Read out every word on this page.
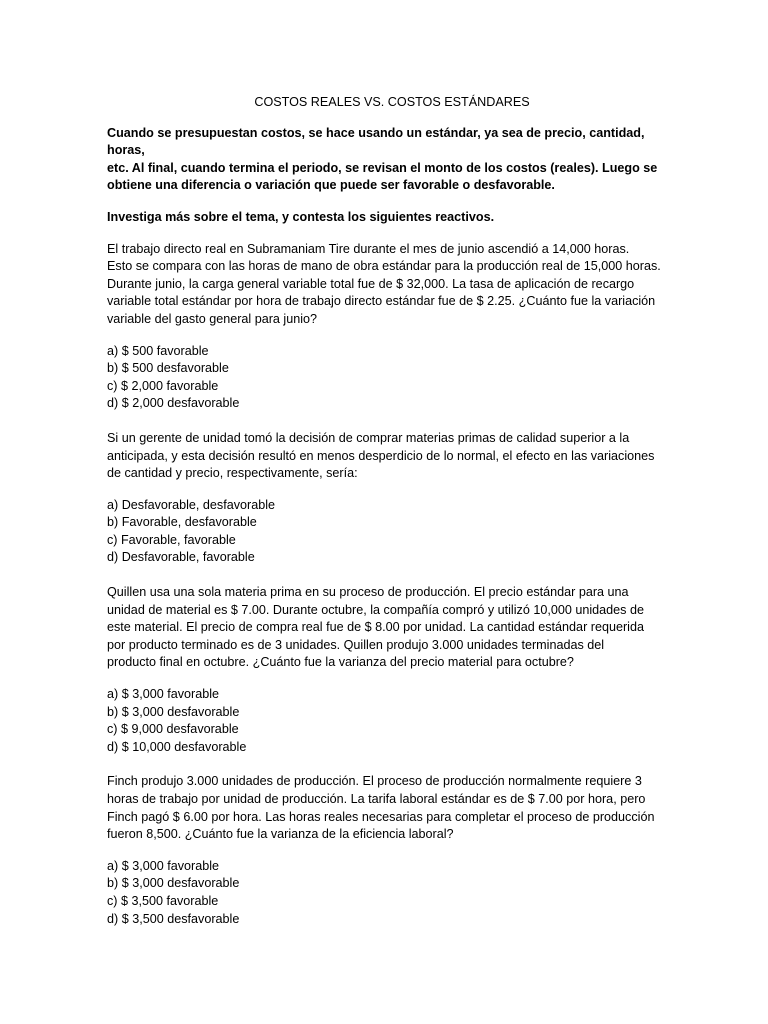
COSTOS REALES VS. COSTOS ESTÁNDARES

Cuando se presupuestan costos, se hace usando un estándar, ya sea de precio, cantidad, horas,
etc. Al final, cuando termina el periodo, se revisan el monto de los costos (reales). Luego se
obtiene una diferencia o variación que puede ser favorable o desfavorable.

Investiga más sobre el tema, y contesta los siguientes reactivos.

El trabajo directo real en Subramaniam Tire durante el mes de junio ascendió a 14,000 horas.
Esto se compara con las horas de mano de obra estándar para la producción real de 15,000 horas.
Durante junio, la carga general variable total fue de $ 32,000. La tasa de aplicación de recargo
variable total estándar por hora de trabajo directo estándar fue de $ 2.25. ¿Cuánto fue la variación
variable del gasto general para junio?

a) $ 500 favorable
b) $ 500 desfavorable
c) $ 2,000 favorable
d) $ 2,000 desfavorable

Si un gerente de unidad tomó la decisión de comprar materias primas de calidad superior a la
anticipada, y esta decisión resultó en menos desperdicio de lo normal, el efecto en las variaciones
de cantidad y precio, respectivamente, sería:

a) Desfavorable, desfavorable
b) Favorable, desfavorable
c) Favorable, favorable
d) Desfavorable, favorable

Quillen usa una sola materia prima en su proceso de producción. El precio estándar para una
unidad de material es $ 7.00. Durante octubre, la compañía compró y utilizó 10,000 unidades de
este material. El precio de compra real fue de $ 8.00 por unidad. La cantidad estándar requerida
por producto terminado es de 3 unidades. Quillen produjo 3.000 unidades terminadas del
producto final en octubre. ¿Cuánto fue la varianza del precio material para octubre?

a) $ 3,000 favorable
b) $ 3,000 desfavorable
c) $ 9,000 desfavorable
d) $ 10,000 desfavorable

Finch produjo 3.000 unidades de producción. El proceso de producción normalmente requiere 3
horas de trabajo por unidad de producción. La tarifa laboral estándar es de $ 7.00 por hora, pero
Finch pagó $ 6.00 por hora. Las horas reales necesarias para completar el proceso de producción
fueron 8,500. ¿Cuánto fue la varianza de la eficiencia laboral?

a) $ 3,000 favorable
b) $ 3,000 desfavorable
c) $ 3,500 favorable
d) $ 3,500 desfavorable
